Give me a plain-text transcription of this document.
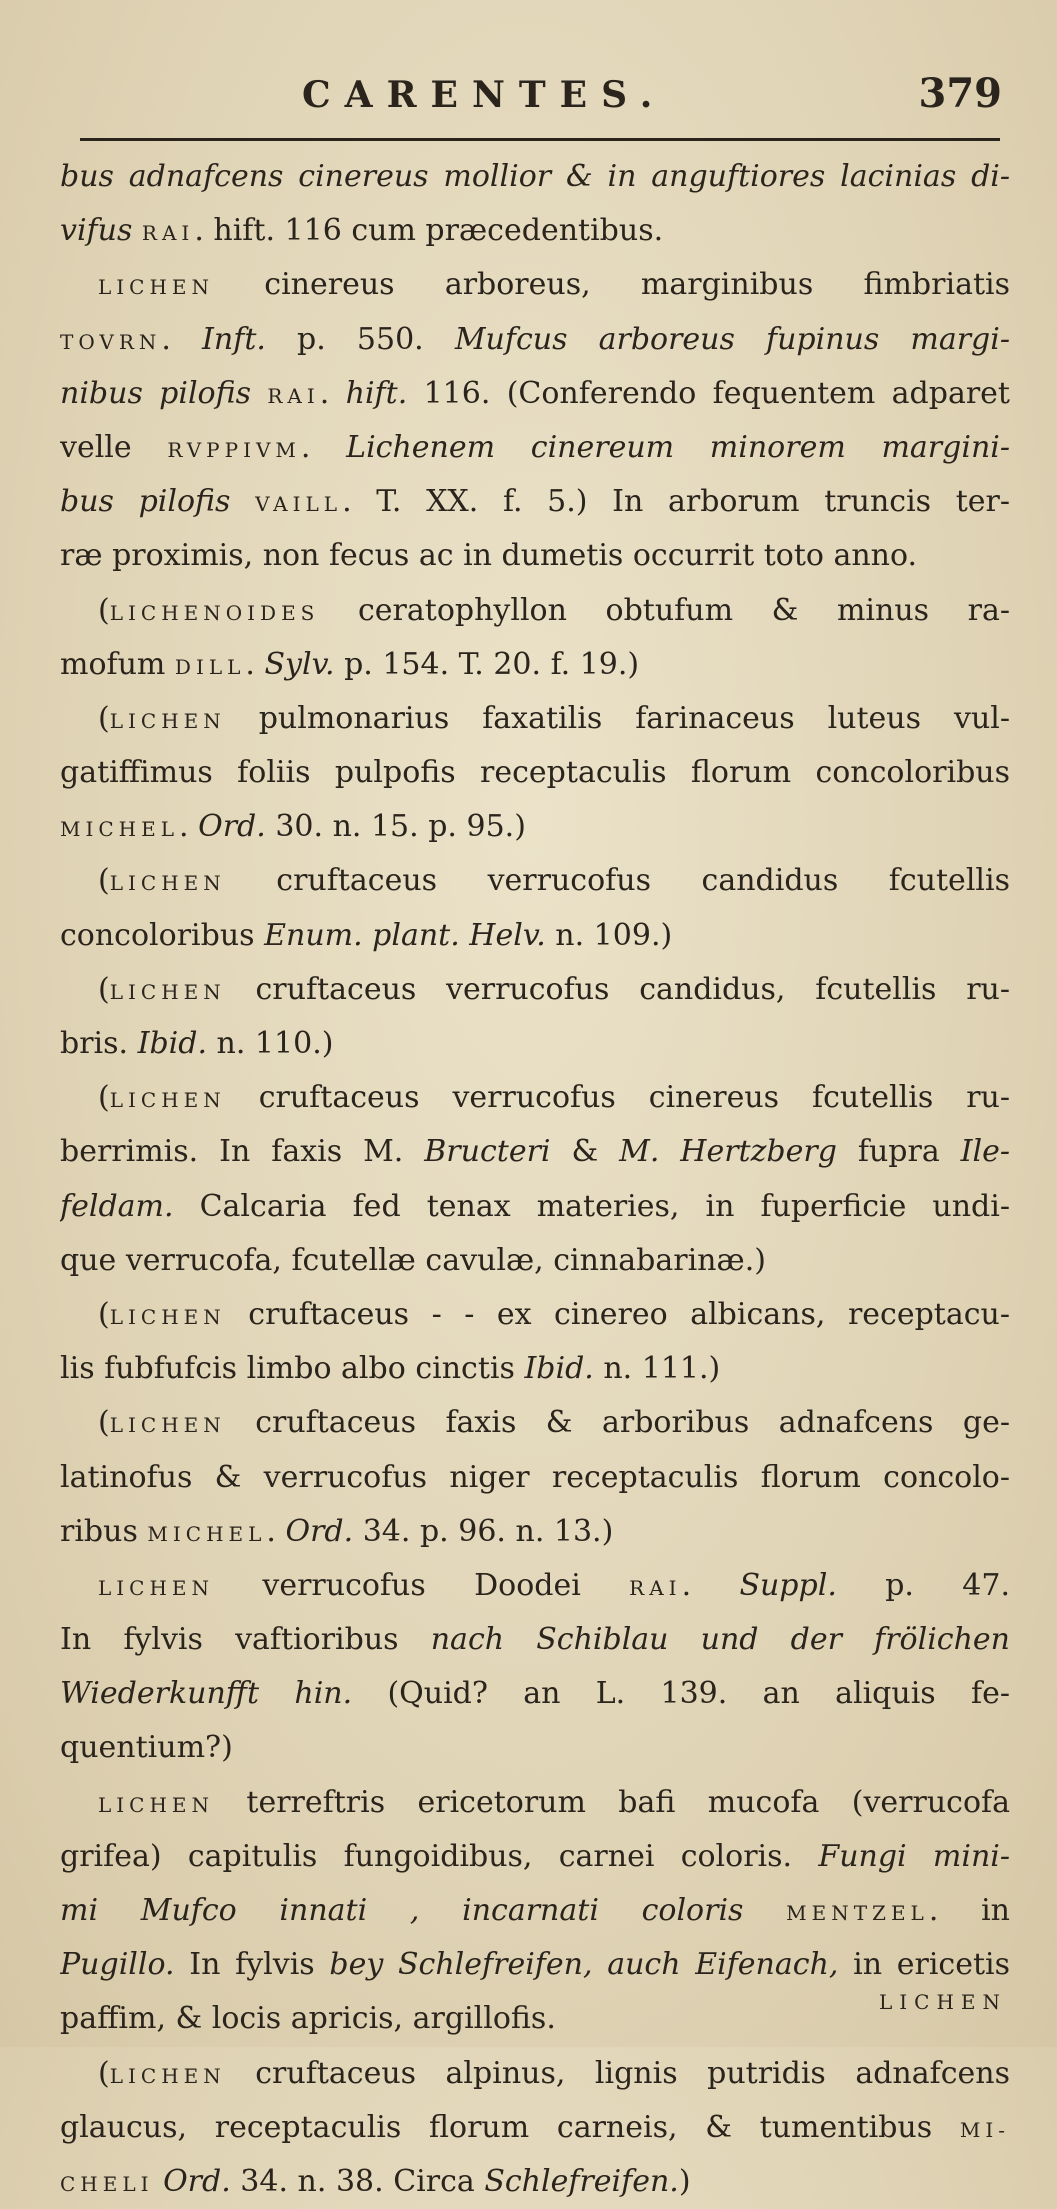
CARENTES.	379
bus adnafcens cinereus mollior & in anguftiores lacinias di-
vifus RAI. hift. 116 cum præcedentibus.
LICHEN cinereus arboreus, marginibus fimbriatis
TOVRN. Inft. p. 550. Mufcus arboreus fupinus margi-
nibus pilofis RAI. hift. 116. (Conferendo fequentem adparet
velle RVPPIVM. Lichenem cinereum minorem margini-
bus pilofis VAILL. T. XX. f. 5.) In arborum truncis ter-
ræ proximis, non fecus ac in dumetis occurrit toto anno.
(LICHENOIDES ceratophyllon obtufum & minus ra-
mofum DILL. Sylv. p. 154. T. 20. f. 19.)
(LICHEN pulmonarius faxatilis farinaceus luteus vul-
gatiffimus foliis pulpofis receptaculis florum concoloribus
MICHEL. Ord. 30. n. 15. p. 95.)
(LICHEN cruftaceus verrucofus candidus fcutellis
concoloribus Enum. plant. Helv. n. 109.)
(LICHEN cruftaceus verrucofus candidus, fcutellis ru-
bris. Ibid. n. 110.)
(LICHEN cruftaceus verrucofus cinereus fcutellis ru-
berrimis. In faxis M. Bructeri & M. Hertzberg fupra Ile-
feldam. Calcaria fed tenax materies, in fuperficie undi-
que verrucofa, fcutellæ cavulæ, cinnabarinæ.)
(LICHEN cruftaceus - - ex cinereo albicans, receptacu-
lis fubfufcis limbo albo cinctis Ibid. n. 111.)
(LICHEN cruftaceus faxis & arboribus adnafcens ge-
latinofus & verrucofus niger receptaculis florum concolo-
ribus MICHEL. Ord. 34. p. 96. n. 13.)
LICHEN verrucofus Doodei RAI. Suppl. p. 47.
In fylvis vaftioribus nach Schiblau und der frölichen
Wiederkunfft hin. (Quid? an L. 139. an aliquis fe-
quentium?)
LICHEN terreftris ericetorum bafi mucofa (verrucofa
grifea) capitulis fungoidibus, carnei coloris. Fungi mini-
mi Mufco innati , incarnati coloris MENTZEL. in
Pugillo. In fylvis bey Schlefreifen, auch Eifenach, in ericetis
paffim, & locis apricis, argillofis.
(LICHEN cruftaceus alpinus, lignis putridis adnafcens
glaucus, receptaculis florum carneis, & tumentibus MI-
CHELI Ord. 34. n. 38. Circa Schlefreifen.)
LICHEN
